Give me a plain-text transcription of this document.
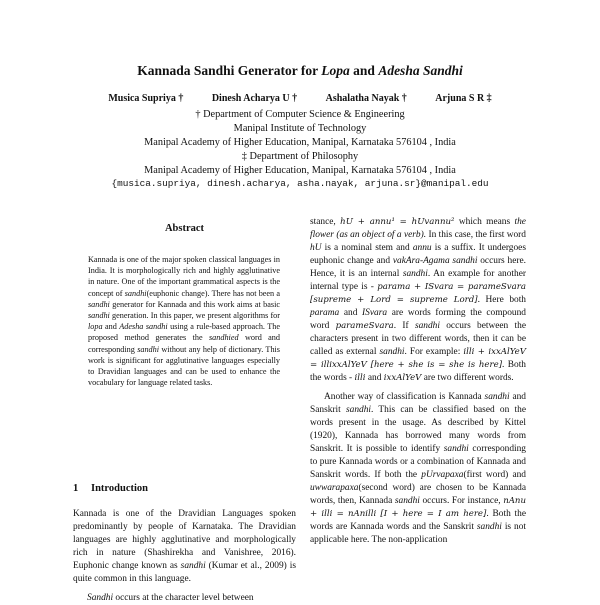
Kannada Sandhi Generator for Lopa and Adesha Sandhi
Musica Supriya †	Dinesh Acharya U †	Ashalatha Nayak †	Arjuna S R ‡
† Department of Computer Science & Engineering
Manipal Institute of Technology
Manipal Academy of Higher Education, Manipal, Karnataka 576104 , India
‡ Department of Philosophy
Manipal Academy of Higher Education, Manipal, Karnataka 576104 , India
{musica.supriya, dinesh.acharya, asha.nayak, arjuna.sr}@manipal.edu
Abstract
Kannada is one of the major spoken classical languages in India. It is morphologically rich and highly agglutinative in nature. One of the important grammatical aspects is the concept of sandhi(euphonic change). There has not been a sandhi generator for Kannada and this work aims at basic sandhi generation. In this paper, we present algorithms for lopa and Adesha sandhi using a rule-based approach. The proposed method generates the sandhied word and corresponding sandhi without any help of dictionary. This work is significant for agglutinative languages especially to Dravidian languages and can be used to enhance the vocabulary for language related tasks.
1 Introduction

Kannada is one of the Dravidian Languages spoken predominantly by people of Karnataka. The Dravidian languages are highly agglutinative and morphologically rich in nature (Shashirekha and Vanishree, 2016). Euphonic change known as sandhi (Kumar et al., 2009) is quite common in this language.

Sandhi occurs at the character level between

stance, hU + annu¹ = hUvannu² which means the flower (as an object of a verb). In this case, the first word hU is a nominal stem and annu is a suffix. It undergoes euphonic change and vakAra-Agama sandhi occurs here. Hence, it is an internal sandhi. An example for another internal type is - parama + ISvara = parameSvara [supreme + Lord = supreme Lord]. Here both parama and ISvara are words forming the compound word parameSvara. If sandhi occurs between the characters present in two different words, then it can be called as external sandhi. For example: illi + ixxAlYeV = illixxAlYeV [here + she is = she is here]. Both the words - illi and ixxAlYeV are two different words.

Another way of classification is Kannada sandhi and Sanskrit sandhi. This can be classified based on the words present in the usage. As described by Kittel (1920), Kannada has borrowed many words from Sanskrit. It is possible to identify sandhi corresponding to pure Kannada words or a combination of Kannada and Sanskrit words. If both the pUrvapaxa(first word) and uwwarapaxa(second word) are chosen to be Kannada words, then, Kannada sandhi occurs. For instance, nAnu + illi = nAnilli [I + here = I am here]. Both the words are Kannada words and the Sanskrit sandhi is not applicable here. The non-application
